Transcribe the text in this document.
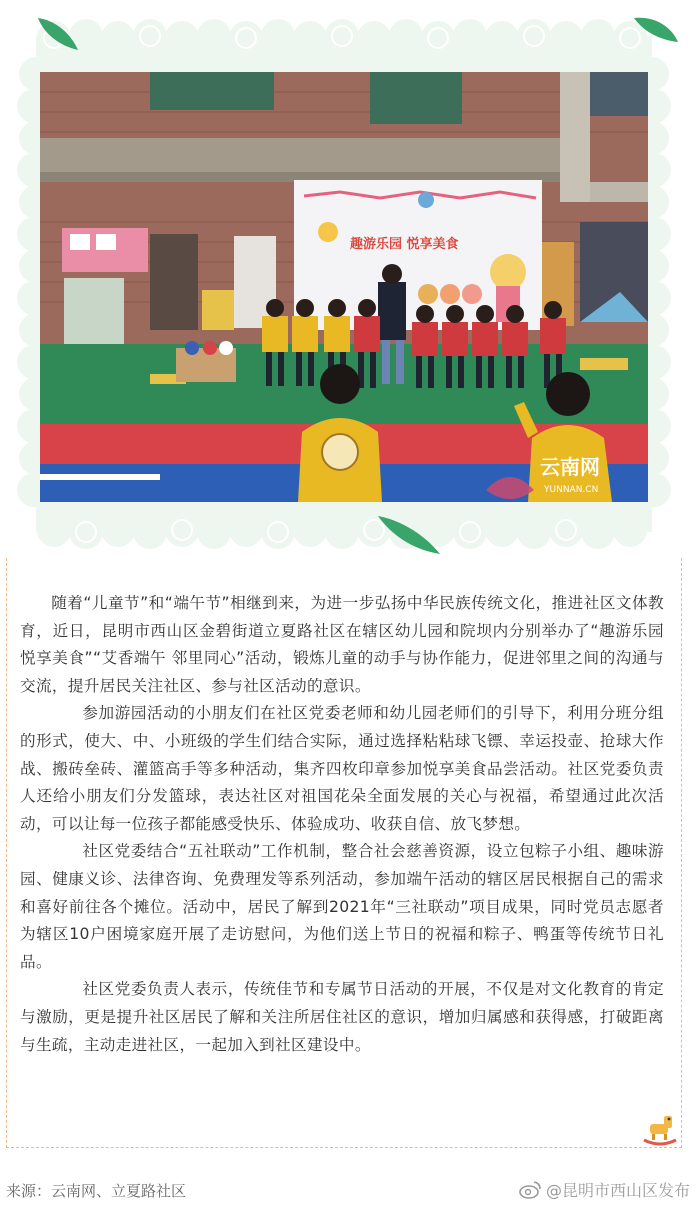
趣游乐园 悦享美食
云南网
YUNNAN.CN

随着“儿童节”和“端午节”相继到来，为进一步弘扬中华民族传统文化，推进社区文体教育，近日，昆明市西山区金碧街道立夏路社区在辖区幼儿园和院坝内分别举办了“趣游乐园 悦享美食”“艾香端午 邻里同心”活动，锻炼儿童的动手与协作能力，促进邻里之间的沟通与交流，提升居民关注社区、参与社区活动的意识。

参加游园活动的小朋友们在社区党委老师和幼儿园老师们的引导下，利用分班分组的形式，使大、中、小班级的学生们结合实际，通过选择粘粘球飞镖、幸运投壶、抢球大作战、搬砖垒砖、灌篮高手等多种活动，集齐四枚印章参加悦享美食品尝活动。社区党委负责人还给小朋友们分发篮球，表达社区对祖国花朵全面发展的关心与祝福，希望通过此次活动，可以让每一位孩子都能感受快乐、体验成功、收获自信、放飞梦想。

社区党委结合“五社联动”工作机制，整合社会慈善资源，设立包粽子小组、趣味游园、健康义诊、法律咨询、免费理发等系列活动，参加端午活动的辖区居民根据自己的需求和喜好前往各个摊位。活动中，居民了解到2021年“三社联动”项目成果，同时党员志愿者为辖区10户困境家庭开展了走访慰问，为他们送上节日的祝福和粽子、鸭蛋等传统节日礼品。

社区党委负责人表示，传统佳节和专属节日活动的开展，不仅是对文化教育的肯定与激励，更是提升社区居民了解和关注所居住社区的意识，增加归属感和获得感，打破距离与生疏，主动走进社区，一起加入到社区建设中。

来源：云南网、立夏路社区	@昆明市西山区发布
